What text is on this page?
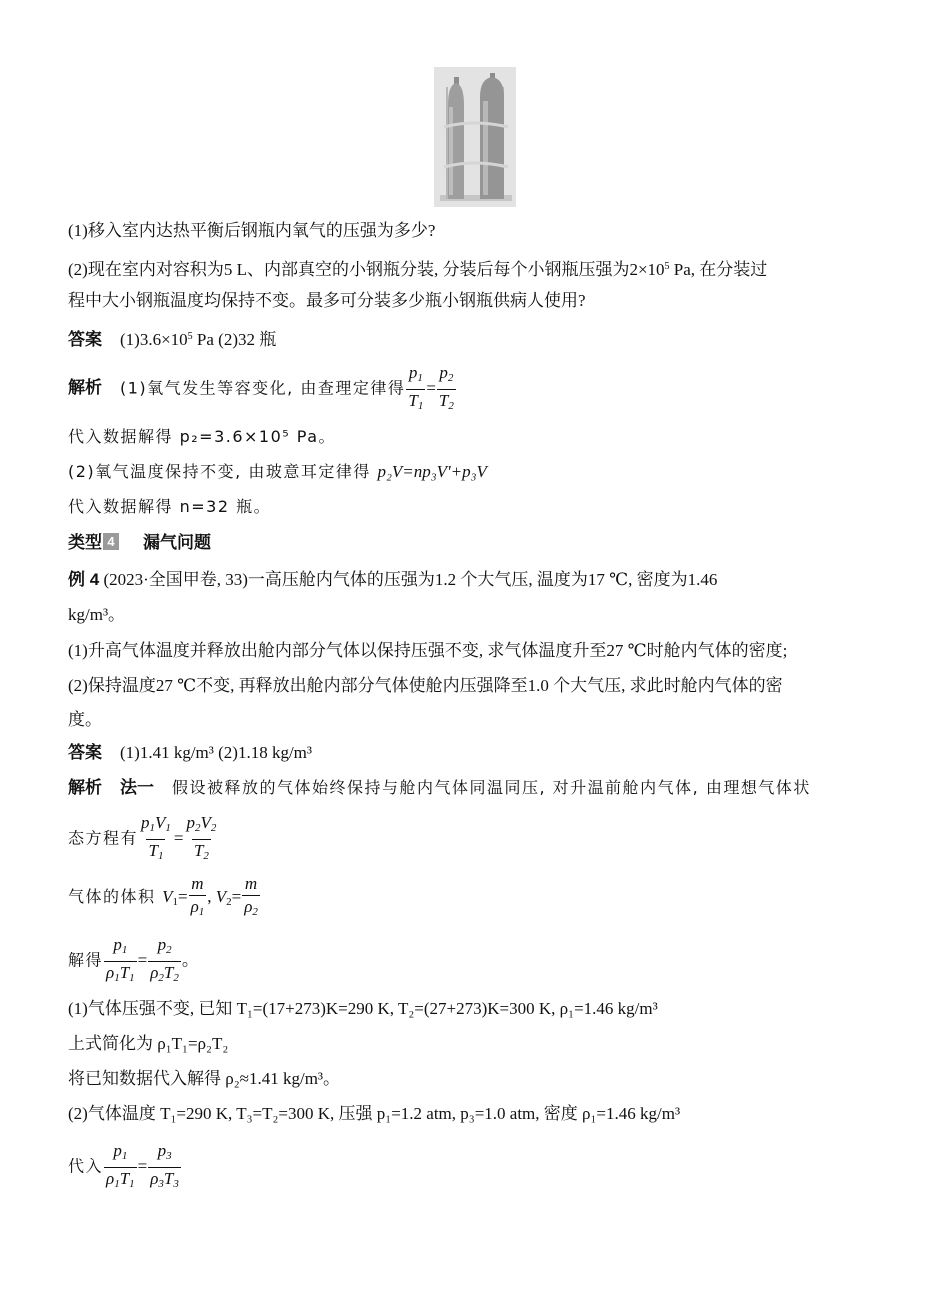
(1)移入室内达热平衡后钢瓶内氧气的压强为多少?
(2)现在室内对容积为5 L、内部真空的小钢瓶分装, 分装后每个小钢瓶压强为$2\times 10^5$ Pa, 在分装过
程中大小钢瓶温度均保持不变。最多可分装多少瓶小钢瓶供病人使用?
答案 $(1)3.6\times 10^5$ Pa (2)32 瓶
解析 (1)氧气发生等容变化, 由查理定律得 $\frac{p_1}{T_1} = \frac{p_2}{T_2}$
代入数据解得 p₂=3.6×10⁵ Pa。
(2)氧气温度保持不变, 由玻意耳定律得 p₂V=np₃V'+p₃V
代入数据解得 n=32 瓶。
类型 4 漏气问题
例 4 (2023·全国甲卷, 33)一高压舱内气体的压强为1.2 个大气压, 温度为17 ℃, 密度为1.46
kg/m³。
(1)升高气体温度并释放出舱内部分气体以保持压强不变, 求气体温度升至27 ℃时舱内气体的密度;
(2)保持温度27 ℃不变, 再释放出舱内部分气体使舱内压强降至1.0 个大气压, 求此时舱内气体的密
度。
答案 (1)1.41 kg/m³ (2)1.18 kg/m³
解析 法一 假设被释放的气体始终保持与舱内气体同温同压, 对升温前舱内气体, 由理想气体状
态方程有 $\frac{p_1V_1}{T_1} = \frac{p_2V_2}{T_2}$
气体的体积 $V_1= \frac{m}{\rho_1}$ , $V_2= \frac{m}{\rho_2}$
解得 $\frac{p_1}{\rho_1T_1} = \frac{p_2}{\rho_2T_2}$ 。
(1)气体压强不变, 已知 T₁=(17+273)K=290 K, T₂=(27+273)K=300 K, ρ₁=1.46 kg/m³
上式简化为 ρ₁T₁=ρ₂T₂
将已知数据代入解得 ρ₂≈1.41 kg/m³。
(2)气体温度 T₁=290 K, T₃=T₂=300 K, 压强 p₁=1.2 atm, p₃=1.0 atm, 密度 ρ₁=1.46 kg/m³
代入 $\frac{p_1}{\rho_1T_1} = \frac{p_3}{\rho_3T_3}$
